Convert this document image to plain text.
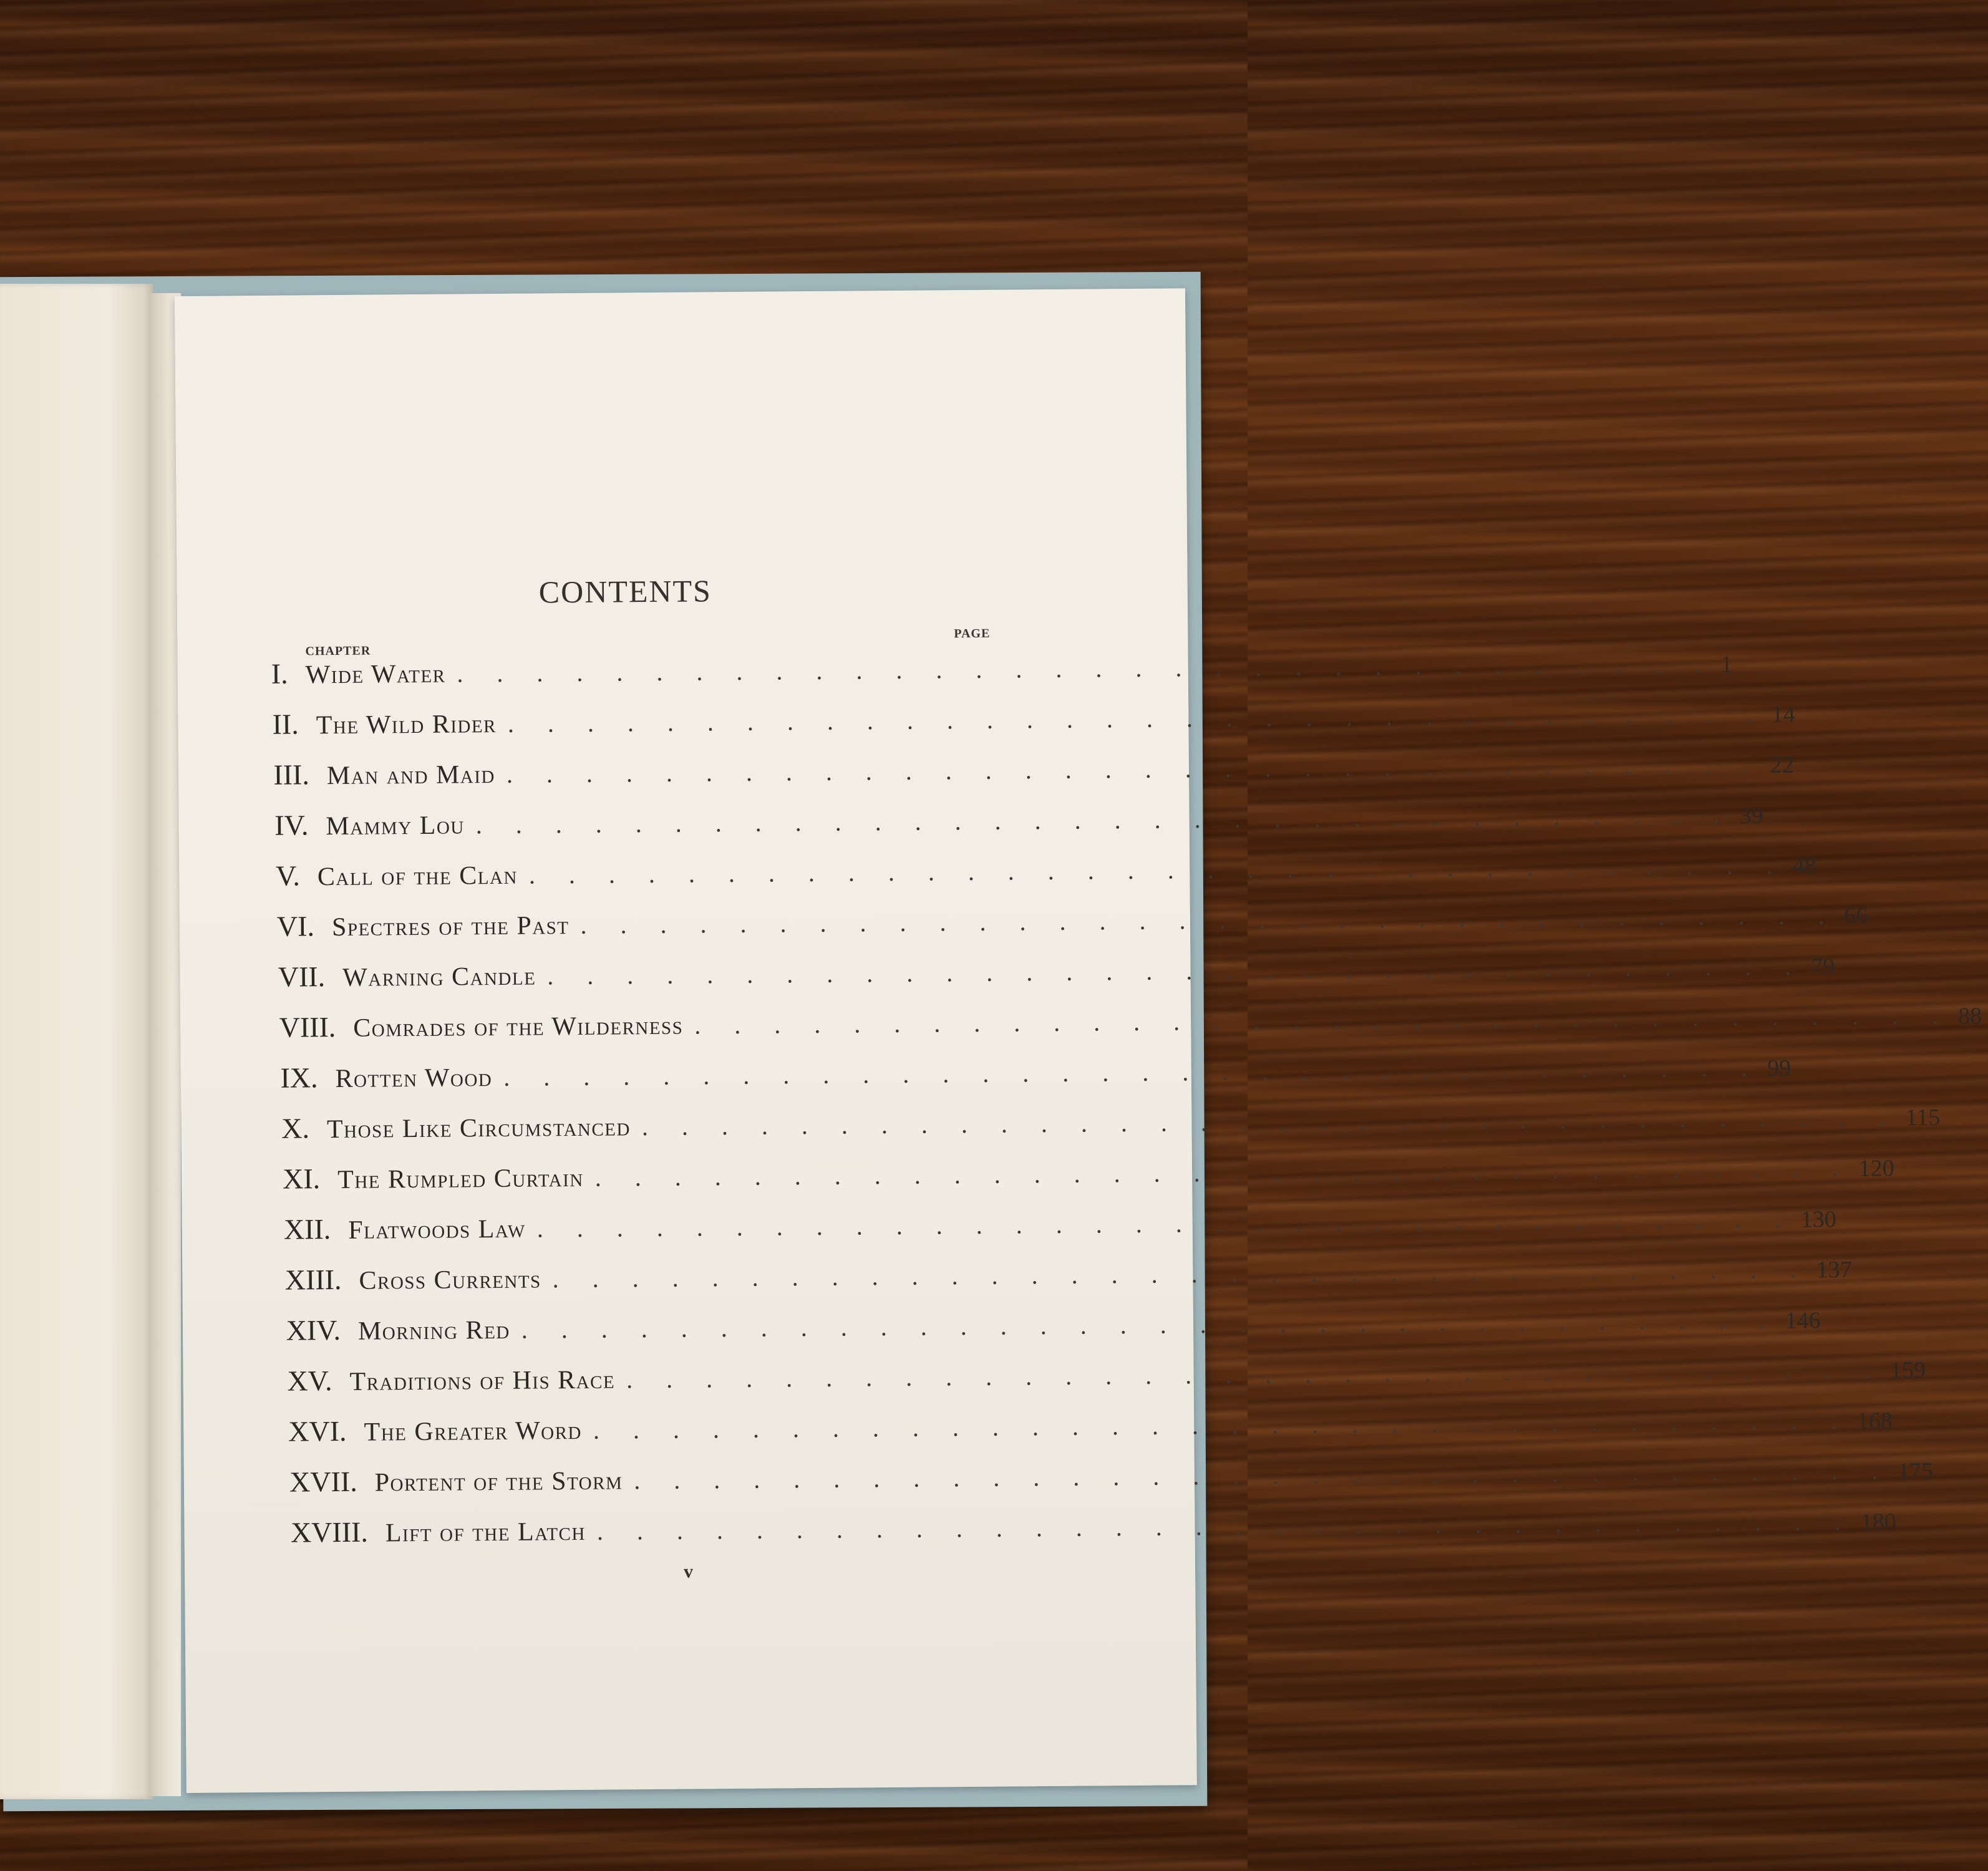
CONTENTS
CHAPTER
PAGE
I. Wide Water . . . . . . . . . . . . . . . . . . . . . . . . . . . . . . . . 1
II. The Wild Rider . . . . . . . . . . . . . . . . . . . . . . . . . . . . . . . . 14
III. Man and Maid . . . . . . . . . . . . . . . . . . . . . . . . . . . . . . . . 22
IV. Mammy Lou . . . . . . . . . . . . . . . . . . . . . . . . . . . . . . . . 39
V. Call of the Clan . . . . . . . . . . . . . . . . . . . . . . . . . . . . . . . . 48
VI. Spectres of the Past . . . . . . . . . . . . . . . . . . . . . . . . . . . . . . . . 66
VII. Warning Candle . . . . . . . . . . . . . . . . . . . . . . . . . . . . . . . . 79
VIII. Comrades of the Wilderness . . . . . . . . . . . . . . . . . . . . . . . . . . . . . . . . 88
IX. Rotten Wood . . . . . . . . . . . . . . . . . . . . . . . . . . . . . . . . 99
X. Those Like Circumstanced . . . . . . . . . . . . . . . . . . . . . . . . . . . . . . . . 115
XI. The Rumpled Curtain . . . . . . . . . . . . . . . . . . . . . . . . . . . . . . . . 120
XII. Flatwoods Law . . . . . . . . . . . . . . . . . . . . . . . . . . . . . . . . 130
XIII. Cross Currents . . . . . . . . . . . . . . . . . . . . . . . . . . . . . . . . 137
XIV. Morning Red . . . . . . . . . . . . . . . . . . . . . . . . . . . . . . . . 146
XV. Traditions of His Race . . . . . . . . . . . . . . . . . . . . . . . . . . . . . . . . 159
XVI. The Greater Word . . . . . . . . . . . . . . . . . . . . . . . . . . . . . . . . 168
XVII. Portent of the Storm . . . . . . . . . . . . . . . . . . . . . . . . . . . . . . . . 175
XVIII. Lift of the Latch . . . . . . . . . . . . . . . . . . . . . . . . . . . . . . . . 180
v
